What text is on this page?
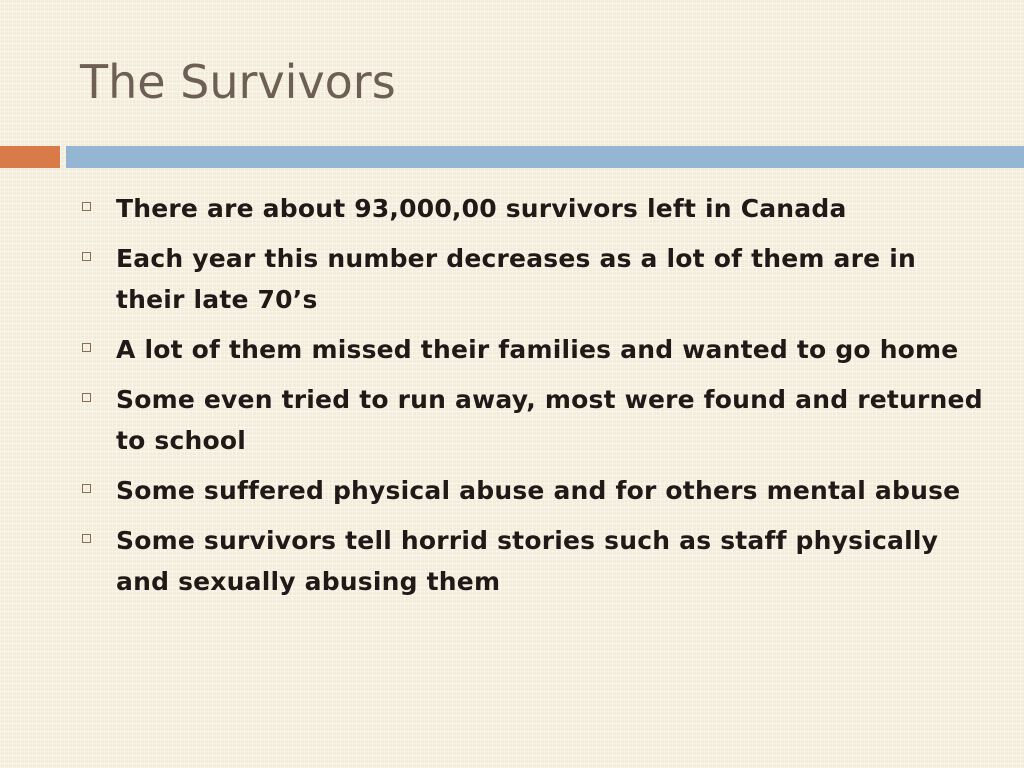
The Survivors
There are about 93,000,00 survivors left in Canada
Each year this number decreases as a lot of them are in their late 70’s
A lot of them missed their families and wanted to go home
Some even tried to run away, most were found and returned to school
Some suffered physical abuse and for others mental abuse
Some survivors tell horrid stories such as staff physically and sexually abusing them
